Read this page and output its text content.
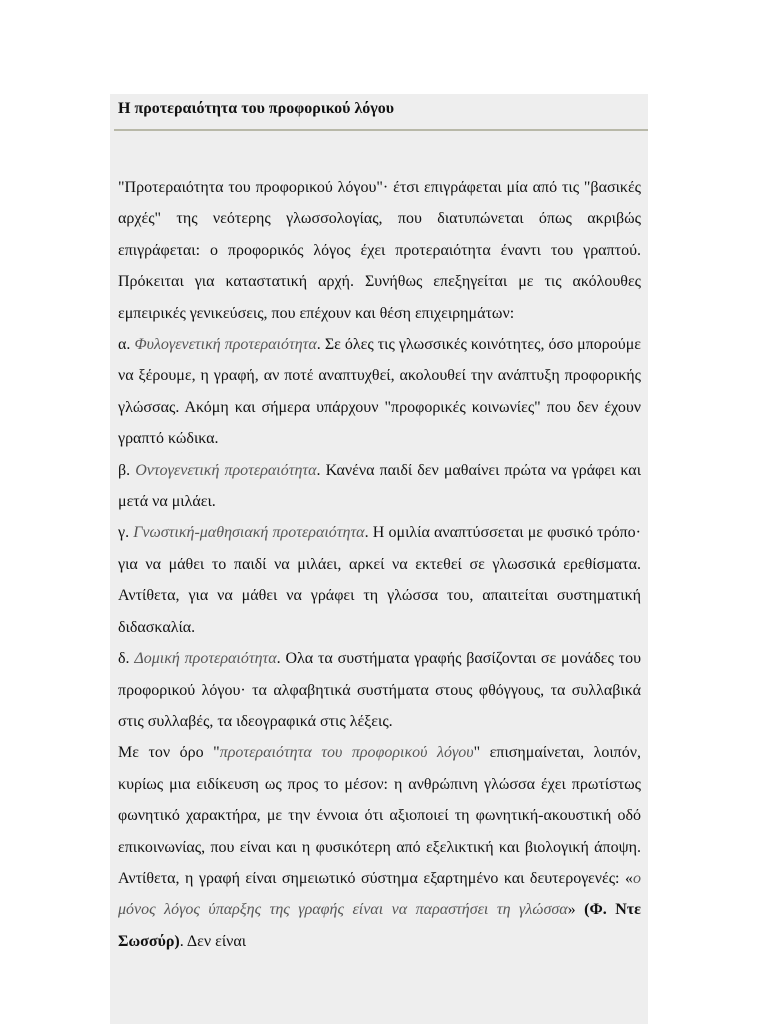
Η προτεραιότητα του προφορικού λόγου

"Προτεραιότητα του προφορικού λόγου"· έτσι επιγράφεται μία από τις "βασικές αρχές" της νεότερης γλωσσολογίας, που διατυπώνεται όπως ακριβώς επιγράφεται: ο προφορικός λόγος έχει προτεραιότητα έναντι του γραπτού. Πρόκειται για καταστατική αρχή. Συνήθως επεξηγείται με τις ακόλουθες εμπειρικές γενικεύσεις, που επέχουν και θέση επιχειρημάτων:

α. Φυλογενετική προτεραιότητα. Σε όλες τις γλωσσικές κοινότητες, όσο μπορούμε να ξέρουμε, η γραφή, αν ποτέ αναπτυχθεί, ακολουθεί την ανάπτυξη προφορικής γλώσσας. Ακόμη και σήμερα υπάρχουν "προφορικές κοινωνίες" που δεν έχουν γραπτό κώδικα.

β. Οντογενετική προτεραιότητα. Κανένα παιδί δεν μαθαίνει πρώτα να γράφει και μετά να μιλάει.

γ. Γνωστική-μαθησιακή προτεραιότητα. Η ομιλία αναπτύσσεται με φυσικό τρόπο· για να μάθει το παιδί να μιλάει, αρκεί να εκτεθεί σε γλωσσικά ερεθίσματα. Αντίθετα, για να μάθει να γράφει τη γλώσσα του, απαιτείται συστηματική διδασκαλία.

δ. Δομική προτεραιότητα. Ολα τα συστήματα γραφής βασίζονται σε μονάδες του προφορικού λόγου· τα αλφαβητικά συστήματα στους φθόγγους, τα συλλαβικά στις συλλαβές, τα ιδεογραφικά στις λέξεις.

Με τον όρο "προτεραιότητα του προφορικού λόγου" επισημαίνεται, λοιπόν, κυρίως μια ειδίκευση ως προς το μέσον: η ανθρώπινη γλώσσα έχει πρωτίστως φωνητικό χαρακτήρα, με την έννοια ότι αξιοποιεί τη φωνητική-ακουστική οδό επικοινωνίας, που είναι και η φυσικότερη από εξελικτική και βιολογική άποψη. Αντίθετα, η γραφή είναι σημειωτικό σύστημα εξαρτημένο και δευτερογενές: «ο μόνος λόγος ύπαρξης της γραφής είναι να παραστήσει τη γλώσσα» (Φ. Ντε Σωσσύρ). Δεν είναι
